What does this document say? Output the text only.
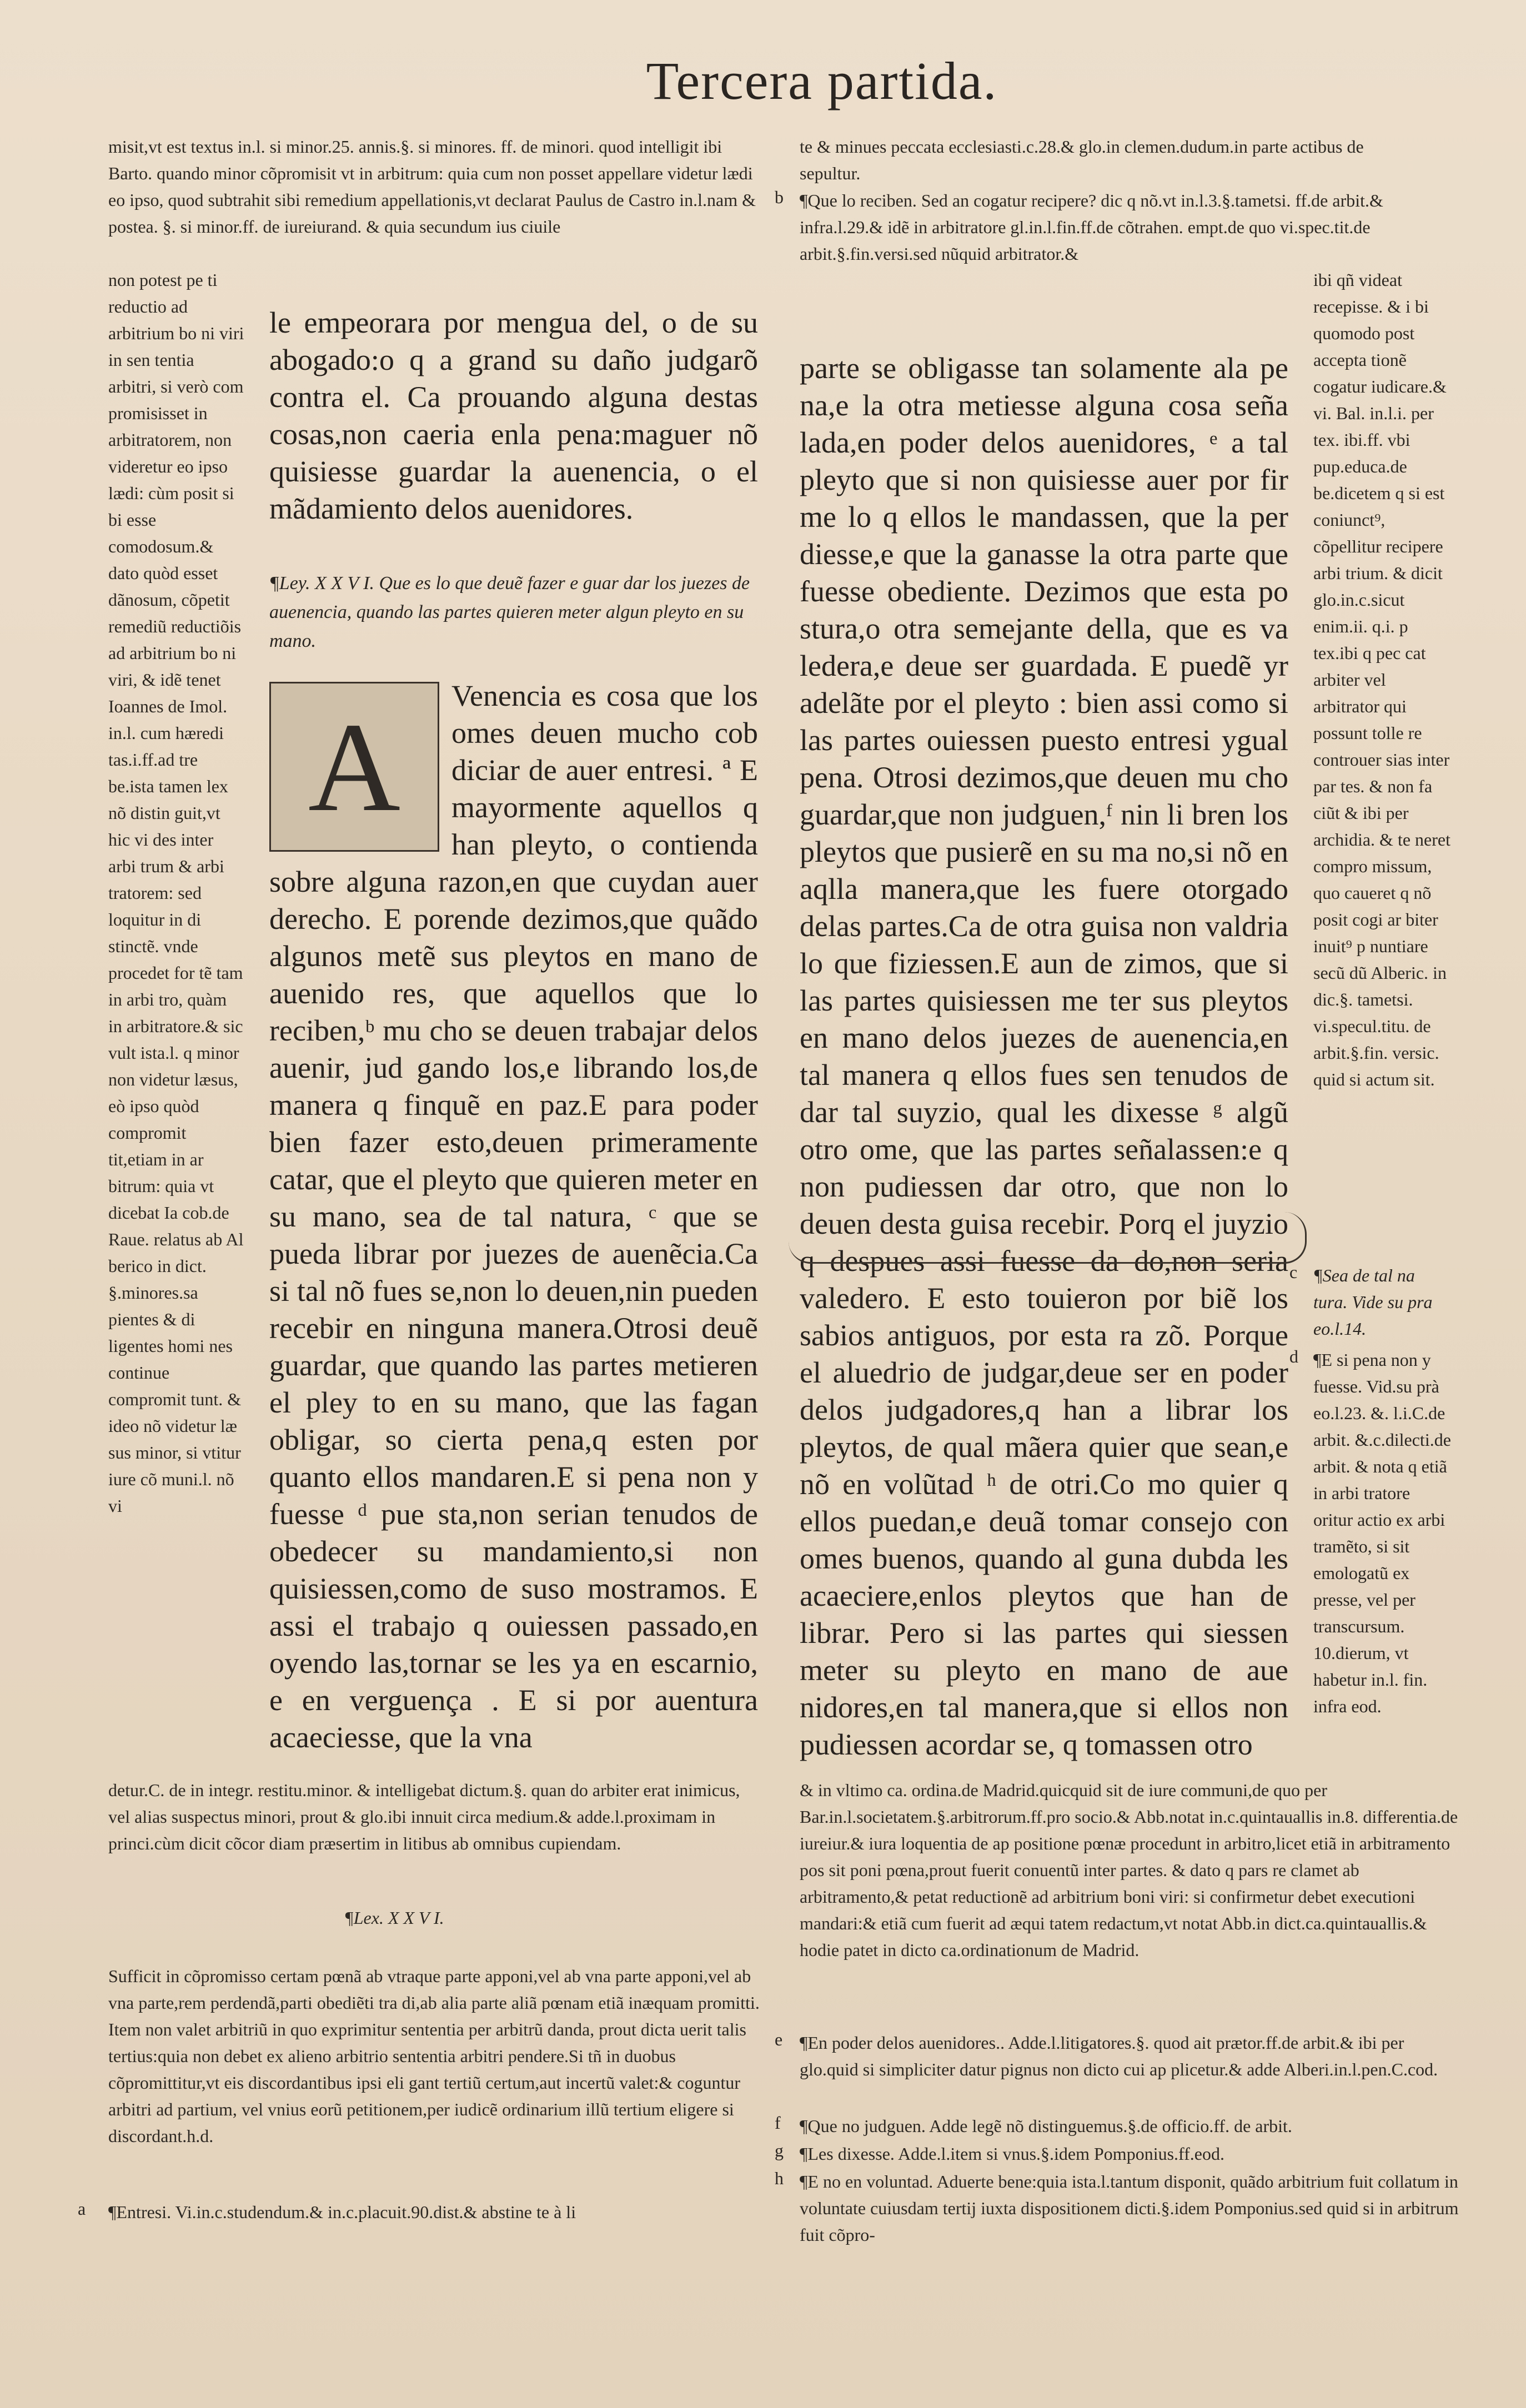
Tercera partida.
misit,vt est textus in.l. si minor.25. annis.§. si minores. ff. de minori. quod intelligit ibi Barto. quando minor cõpromisit vt in arbitrum: quia cum non posset appellare videtur lædi eo ipso, quod subtrahit sibi remedium appellationis,vt declarat Paulus de Castro in.l.nam & postea. §. si minor.ff. de iureiurand. & quia secundum ius ciuile
te & minues peccata ecclesiasti.c.28.& glo.in clemen.dudum.in parte actibus de sepultur.
b ¶Que lo reciben. Sed an cogatur recipere? dic q nõ.vt in.l.3.§.tametsi. ff.de arbit.& infra.l.29.& idẽ in arbitratore gl.in.l.fin.ff.de cõtrahen. empt.de quo vi.spec.tit.de arbit.§.fin.versi.sed nũquid arbitrator.&
non potest pe ti reductio ad arbitrium bo ni viri in sen tentia arbitri, si verò com promisisset in arbitratorem, non videretur eo ipso lædi: cùm posit si bi esse comodosum.& dato quòd esset dãnosum, cõpetit remediũ reductiõis ad arbitrium bo ni viri, & idẽ tenet Ioannes de Imol. in.l. cum hæredi tas.i.ff.ad tre be.ista tamen lex nõ distin guit,vt hic vi des inter arbi trum & arbi tratorem: sed loquitur in di stinctẽ. vnde procedet for tẽ tam in arbi tro, quàm in arbitratore.& sic vult ista.l. q minor non videtur læsus, eò ipso quòd compromit tit,etiam in ar bitrum: quia vt dicebat Ia cob.de Raue. relatus ab Al berico in dict. §.minores.sa pientes & di ligentes homi nes continue compromit tunt. & ideo nõ videtur læ sus minor, si vtitur iure cõ muni.l. nõ vi
le empeorara por mengua del, o de su abogado:o q a grand su daño judgarõ contra el. Ca prouando alguna destas cosas,non caeria enla pena:maguer nõ quisiesse guardar la auenencia, o el mãdamiento delos auenidores.
¶Ley. X X V I. Que es lo que deuẽ fazer e guar dar los juezes de auenencia, quando las partes quieren meter algun pleyto en su mano.
A
Venencia es cosa que los omes deuen mucho cob diciar de auer entresi. ª E mayormente aquellos q han pleyto, o contienda sobre alguna razon,en que cuydan auer derecho. E porende dezimos,que quãdo algunos metẽ sus pleytos en mano de auenido res, que aquellos que lo reciben,ᵇ mu cho se deuen trabajar delos auenir, jud gando los,e librando los,de manera q finquẽ en paz.E para poder bien fazer esto,deuen primeramente catar, que el pleyto que quieren meter en su mano, sea de tal natura, ᶜ que se pueda librar por juezes de auenẽcia.Ca si tal nõ fues se,non lo deuen,nin pueden recebir en ninguna manera.Otrosi deuẽ guardar, que quando las partes metieren el pley to en su mano, que las fagan obligar, so cierta pena,q esten por quanto ellos mandaren.E si pena non y fuesse ᵈ pue sta,non serian tenudos de obedecer su mandamiento,si non quisiessen,como de suso mostramos. E assi el trabajo q ouiessen passado,en oyendo las,tornar se les ya en escarnio, e en verguença . E si por auentura acaeciesse, que la vna
parte se obligasse tan solamente ala pe na,e la otra metiesse alguna cosa seña lada,en poder delos auenidores, ᵉ a tal pleyto que si non quisiesse auer por fir me lo q ellos le mandassen, que la per diesse,e que la ganasse la otra parte que fuesse obediente. Dezimos que esta po stura,o otra semejante della, que es va ledera,e deue ser guardada. E puedẽ yr adelãte por el pleyto : bien assi como si las partes ouiessen puesto entresi ygual pena. Otrosi dezimos,que deuen mu cho guardar,que non judguen,ᶠ nin li bren los pleytos que pusierẽ en su ma no,si nõ en aqlla manera,que les fuere otorgado delas partes.Ca de otra guisa non valdria lo que fiziessen.E aun de zimos, que si las partes quisiessen me ter sus pleytos en mano delos juezes de auenencia,en tal manera q ellos fues sen tenudos de dar tal suyzio, qual les dixesse ᵍ algũ otro ome, que las partes señalassen:e q non pudiessen dar otro, que non lo deuen desta guisa recebir. Porq el juyzio q despues assi fuesse da do,non seria valedero. E esto touieron por biẽ los sabios antiguos, por esta ra zõ. Porque el aluedrio de judgar,deue ser en poder delos judgadores,q han a librar los pleytos, de qual mãera quier que sean,e nõ en volũtad ʰ de otri.Co mo quier q ellos puedan,e deuã tomar consejo con omes buenos, quando al guna dubda les acaeciere,enlos pleytos que han de librar. Pero si las partes qui siessen meter su pleyto en mano de aue nidores,en tal manera,que si ellos non pudiessen acordar se, q tomassen otro
ibi qñ videat recepisse. & i bi quomodo post accepta tionẽ cogatur iudicare.& vi. Bal. in.l.i. per tex. ibi.ff. vbi pup.educa.de be.dicetem q si est coniunct⁹, cõpellitur recipere arbi trium. & dicit glo.in.c.sicut enim.ii. q.i. p tex.ibi q pec cat arbiter vel arbitrator qui possunt tolle re controuer sias inter par tes. & non fa ciũt & ibi per archidia. & te neret compro missum, quo caueret q nõ posit cogi ar biter inuit⁹ p nuntiare secũ dũ Alberic. in dic.§. tametsi. vi.specul.titu. de arbit.§.fin. versic. quid si actum sit.
c ¶Sea de tal na tura. Vide su pra eo.l.14.
d ¶E si pena non y fuesse. Vid.su prà eo.l.23. &. l.i.C.de arbit. &.c.dilecti.de arbit. & nota q etiã in arbi tratore oritur actio ex arbi tramẽto, si sit emologatũ ex presse, vel per transcursum. 10.dierum, vt habetur in.l. fin. infra eod.
detur.C. de in integr. restitu.minor. & intelligebat dictum.§. quan do arbiter erat inimicus, vel alias suspectus minori, prout & glo.ibi innuit circa medium.& adde.l.proximam in princi.cùm dicit cõcor diam præsertim in litibus ab omnibus cupiendam.
¶Lex. X X V I.
Sufficit in cõpromisso certam pœnã ab vtraque parte apponi,vel ab vna parte apponi,vel ab vna parte,rem perdendã,parti obediẽti tra di,ab alia parte aliã pœnam etiã inæquam promitti. Item non valet arbitriũ in quo exprimitur sententia per arbitrũ danda, prout dicta uerit talis tertius:quia non debet ex alieno arbitrio sententia arbitri pendere.Si tñ in duobus cõpromittitur,vt eis discordantibus ipsi eli gant tertiũ certum,aut incertũ valet:& coguntur arbitri ad partium, vel vnius eorũ petitionem,per iudicẽ ordinarium illũ tertium eligere si discordant.h.d.
a ¶Entresi. Vi.in.c.studendum.& in.c.placuit.90.dist.& abstine te à li
& in vltimo ca. ordina.de Madrid.quicquid sit de iure communi,de quo per Bar.in.l.societatem.§.arbitrorum.ff.pro socio.& Abb.notat in.c.quintauallis in.8. differentia.de iureiur.& iura loquentia de ap positione pœnæ procedunt in arbitro,licet etiã in arbitramento pos sit poni pœna,prout fuerit conuentũ inter partes. & dato q pars re clamet ab arbitramento,& petat reductionẽ ad arbitrium boni viri: si confirmetur debet executioni mandari:& etiã cum fuerit ad æqui tatem redactum,vt notat Abb.in dict.ca.quintauallis.& hodie patet in dicto ca.ordinationum de Madrid.
e ¶En poder delos auenidores.. Adde.l.litigatores.§. quod ait prætor.ff.de arbit.& ibi per glo.quid si simpliciter datur pignus non dicto cui ap plicetur.& adde Alberi.in.l.pen.C.cod.
f ¶Que no judguen. Adde legẽ nõ distinguemus.§.de officio.ff. de arbit.
g ¶Les dixesse. Adde.l.item si vnus.§.idem Pomponius.ff.eod.
h ¶E no en voluntad. Aduerte bene:quia ista.l.tantum disponit, quãdo arbitrium fuit collatum in voluntate cuiusdam tertij iuxta dispositionem dicti.§.idem Pomponius.sed quid si in arbitrum fuit cõpro-
